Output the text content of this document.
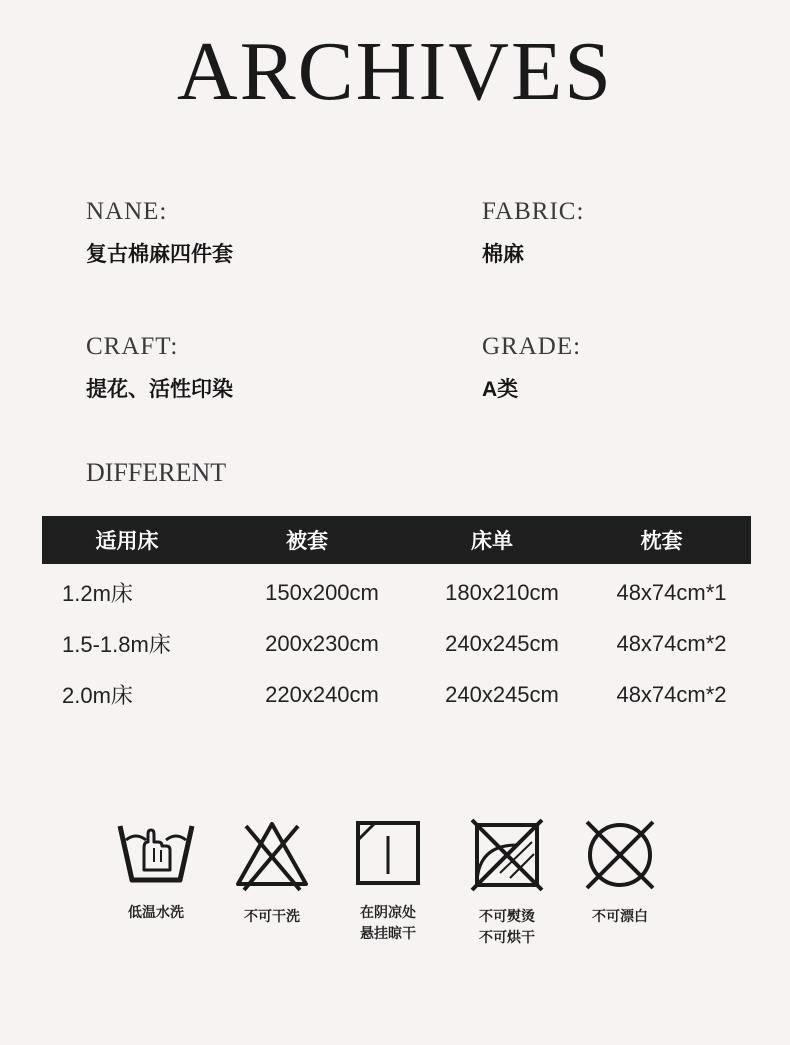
ARCHIVES
NANE:
复古棉麻四件套
FABRIC:
棉麻
CRAFT:
提花、活性印染
GRADE:
A类
DIFFERENT
适用床	被套	床单	枕套
1.2m床	150x200cm	180x210cm	48x74cm*1
1.5-1.8m床	200x230cm	240x245cm	48x74cm*2
2.0m床	220x240cm	240x245cm	48x74cm*2
低温水洗	不可干洗	在阴凉处
悬挂晾干
不可熨烫
不可烘干
不可漂白
